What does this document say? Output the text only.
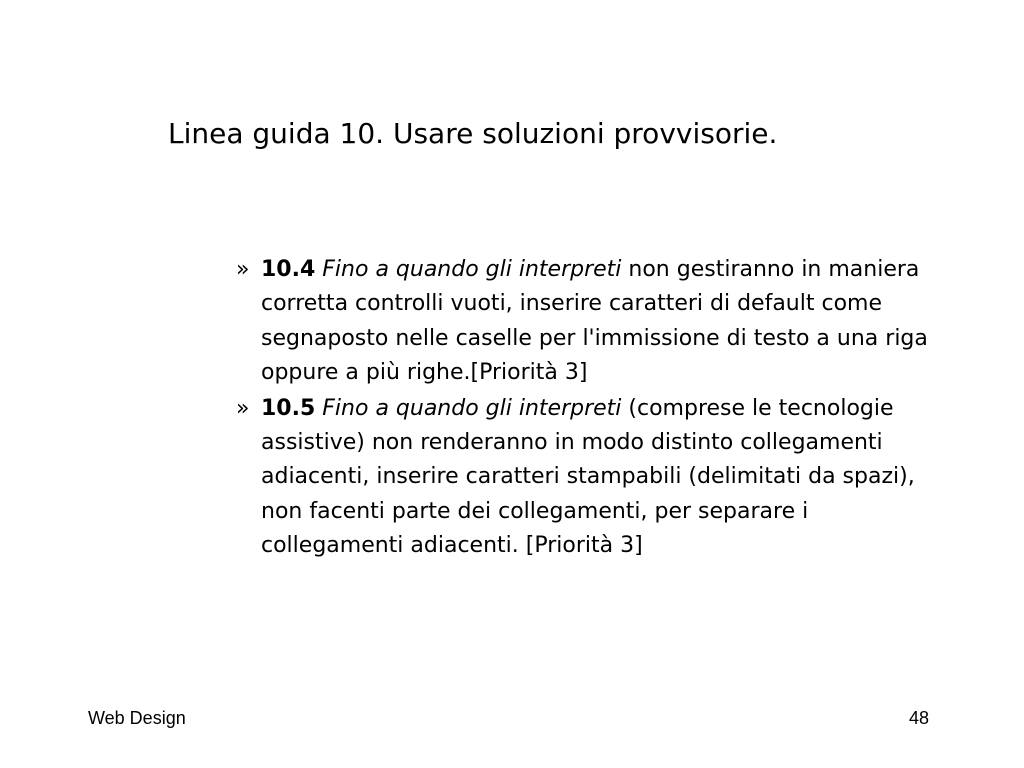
Linea guida 10. Usare soluzioni provvisorie.
» 10.4 Fino a quando gli interpreti non gestiranno in maniera corretta controlli vuoti, inserire caratteri di default come segnaposto nelle caselle per l'immissione di testo a una riga oppure a più righe.[Priorità 3]
» 10.5 Fino a quando gli interpreti (comprese le tecnologie assistive) non renderanno in modo distinto collegamenti adiacenti, inserire caratteri stampabili (delimitati da spazi), non facenti parte dei collegamenti, per separare i collegamenti adiacenti. [Priorità 3]
Web Design	48
